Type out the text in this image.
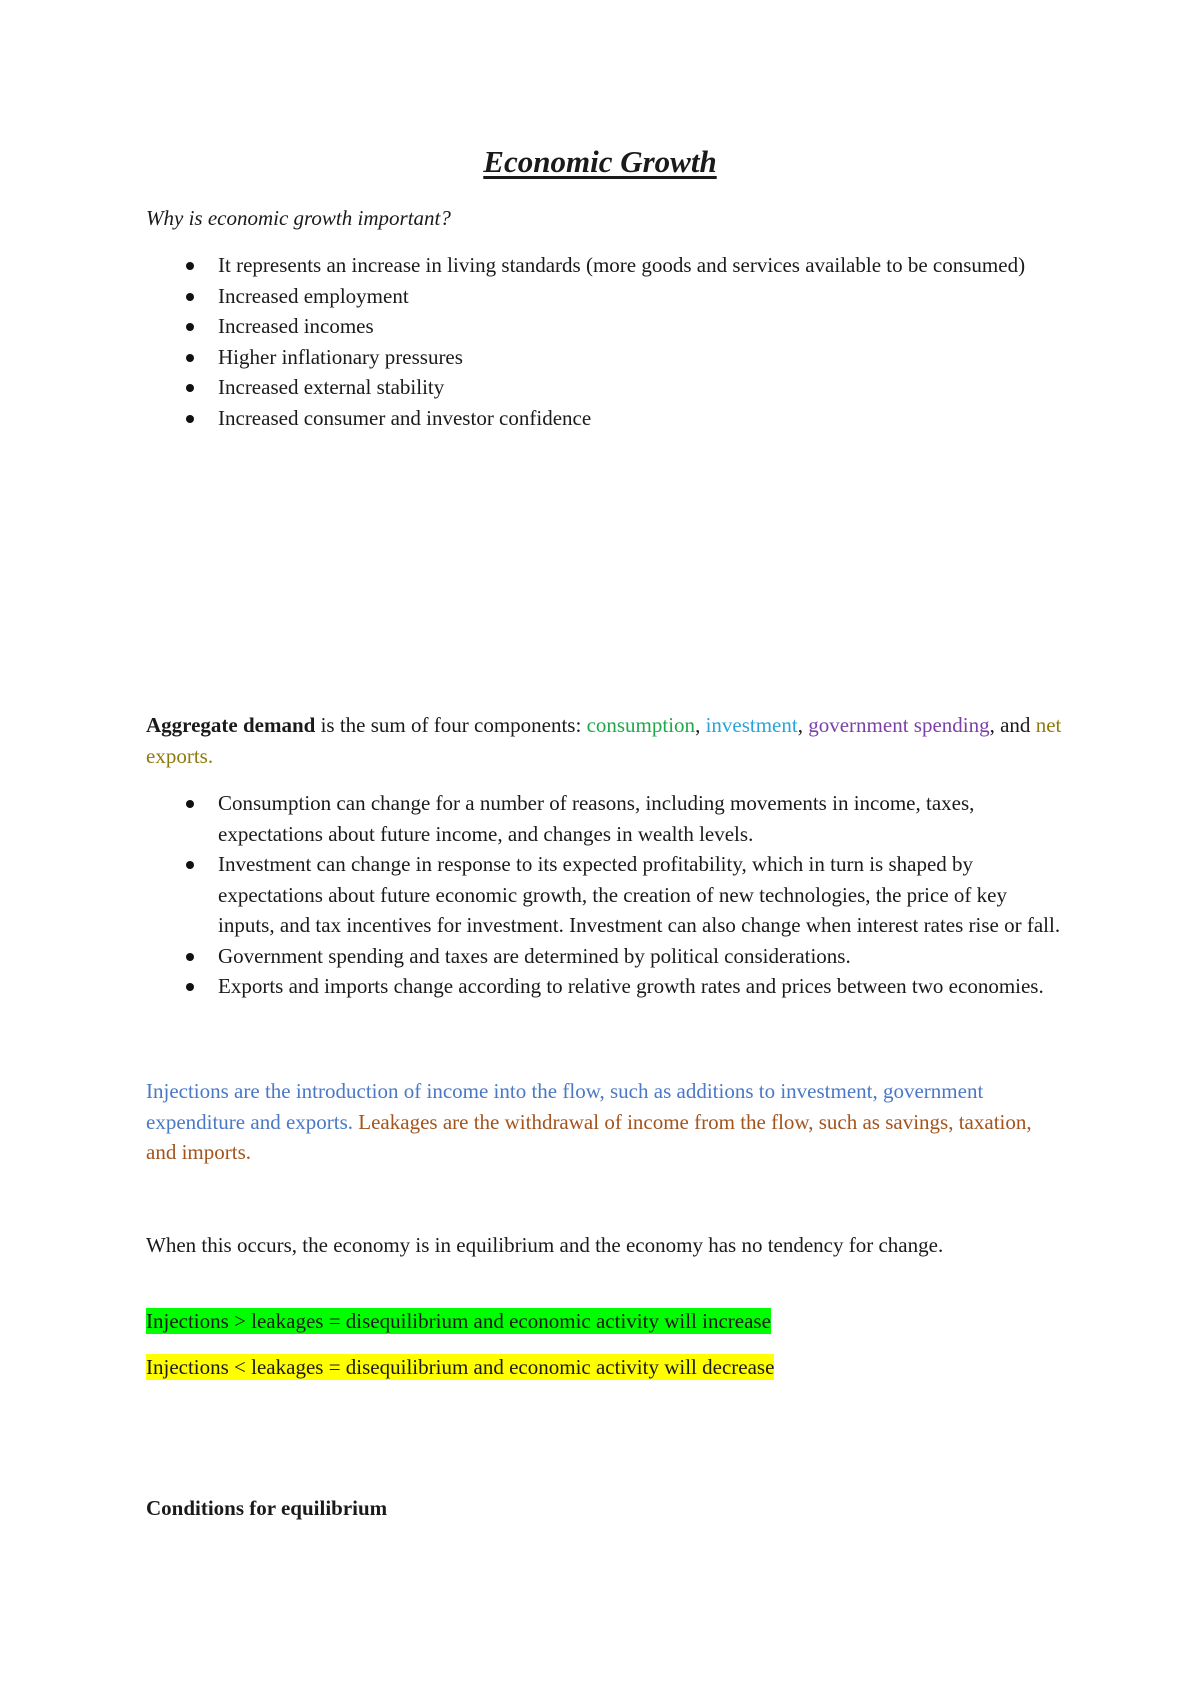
Economic Growth
Why is economic growth important?
It represents an increase in living standards (more goods and services available to be consumed)
Increased employment
Increased incomes
Higher inflationary pressures
Increased external stability
Increased consumer and investor confidence
Aggregate demand is the sum of four components: consumption, investment, government spending, and net exports.
Consumption can change for a number of reasons, including movements in income, taxes, expectations about future income, and changes in wealth levels.
Investment can change in response to its expected profitability, which in turn is shaped by expectations about future economic growth, the creation of new technologies, the price of key inputs, and tax incentives for investment. Investment can also change when interest rates rise or fall.
Government spending and taxes are determined by political considerations.
Exports and imports change according to relative growth rates and prices between two economies.
Injections are the introduction of income into the flow, such as additions to investment, government expenditure and exports. Leakages are the withdrawal of income from the flow, such as savings, taxation, and imports.
When this occurs, the economy is in equilibrium and the economy has no tendency for change.
Injections > leakages = disequilibrium and economic activity will increase
Injections < leakages = disequilibrium and economic activity will decrease
Conditions for equilibrium
